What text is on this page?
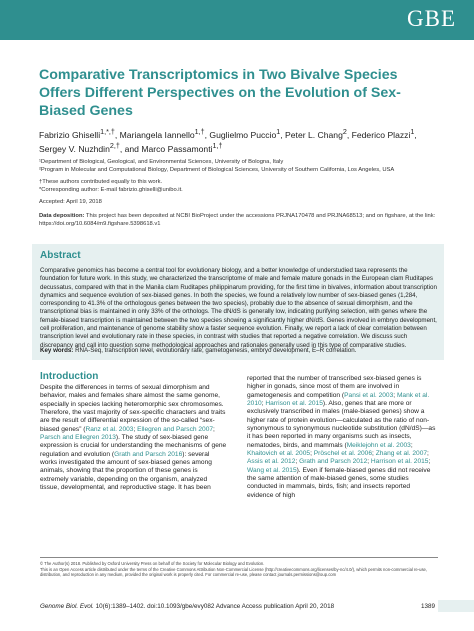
GBE
Comparative Transcriptomics in Two Bivalve Species Offers Different Perspectives on the Evolution of Sex-Biased Genes
Fabrizio Ghiselli$^{1,*,\dagger}$, Mariangela Iannello$^{1,\dagger}$, Guglielmo Puccio$^1$, Peter L. Chang$^2$, Federico Plazzi$^1$,
Sergey V. Nuzhdin$^{2,\dagger}$, and Marco Passamonti$^{1,\dagger}$
¹Department of Biological, Geological, and Environmental Sciences, University of Bologna, Italy
²Program in Molecular and Computational Biology, Department of Biological Sciences, University of Southern California, Los Angeles, USA
†These authors contributed equally to this work.
*Corresponding author: E-mail fabrizio.ghiselli@unibo.it.
Accepted: April 19, 2018
Data deposition: This project has been deposited at NCBI BioProject under the accessions PRJNA170478 and PRJNA68513; and on figshare, at the link: https://doi.org/10.6084/m9.figshare.5398618.v1
Abstract
Comparative genomics has become a central tool for evolutionary biology, and a better knowledge of understudied taxa represents the foundation for future work. In this study, we characterized the transcriptome of male and female mature gonads in the European clam Ruditapes decussatus, compared with that in the Manila clam Ruditapes philippinarum providing, for the first time in bivalves, information about transcription dynamics and sequence evolution of sex-biased genes. In both the species, we found a relatively low number of sex-biased genes (1,284, corresponding to 41.3% of the orthologous genes between the two species), probably due to the absence of sexual dimorphism, and the transcriptional bias is maintained in only 33% of the orthologs. The dN/dS is generally low, indicating purifying selection, with genes where the female-biased transcription is maintained between the two species showing a significantly higher dN/dS. Genes involved in embryo development, cell proliferation, and maintenance of genome stability show a faster sequence evolution. Finally, we report a lack of clear correlation between transcription level and evolutionary rate in these species, in contrast with studies that reported a negative correlation. We discuss such discrepancy and call into question some methodological approaches and rationales generally used in this type of comparative studies.
Key words: RNA-Seq, transcription level, evolutionary rate, gametogenesis, embryo development, E–R correlation.
Introduction
Despite the differences in terms of sexual dimorphism and behavior, males and females share almost the same genome, especially in species lacking heteromorphic sex chromosomes. Therefore, the vast majority of sex-specific characters and traits are the result of differential expression of the so-called “sex-biased genes” (Ranz et al. 2003; Ellegren and Parsch 2007; Parsch and Ellegren 2013). The study of sex-biased gene expression is crucial for understanding the mechanisms of gene regulation and evolution (Grath and Parsch 2016): several works investigated the amount of sex-biased genes among animals, showing that the proportion of these genes is extremely variable, depending on the organism, analyzed tissue, developmental, and reproductive stage. It has been
reported that the number of transcribed sex-biased genes is higher in gonads, since most of them are involved in gametogenesis and competition (Pansi et al. 2003; Mank et al. 2010; Harrison et al. 2015). Also, genes that are more or exclusively transcribed in males (male-biased genes) show a higher rate of protein evolution—calculated as the ratio of non-synonymous to synonymous nucleotide substitution (dN/dS)—as it has been reported in many organisms such as insects, nematodes, birds, and mammals (Meiklejohn et al. 2003; Khaitovich et al. 2005; Pröschel et al. 2006; Zhang et al. 2007; Assis et al. 2012; Grath and Parsch 2012; Harrison et al. 2015; Wang et al. 2015). Even if female-biased genes did not receive the same attention of male-biased genes, some studies conducted in mammals, birds, fish; and insects reported evidence of high
© The Author(s) 2018. Published by Oxford University Press on behalf of the Society for Molecular Biology and Evolution.
This is an Open Access article distributed under the terms of the Creative Commons Attribution Non-Commercial License (http://creativecommons.org/licenses/by-nc/4.0/), which permits non-commercial re-use, distribution, and reproduction in any medium, provided the original work is properly cited. For commercial re-use, please contact journals.permissions@oup.com
Genome Biol. Evol. 10(6):1389–1402. doi:10.1093/gbe/evy082 Advance Access publication April 20, 2018	1389
